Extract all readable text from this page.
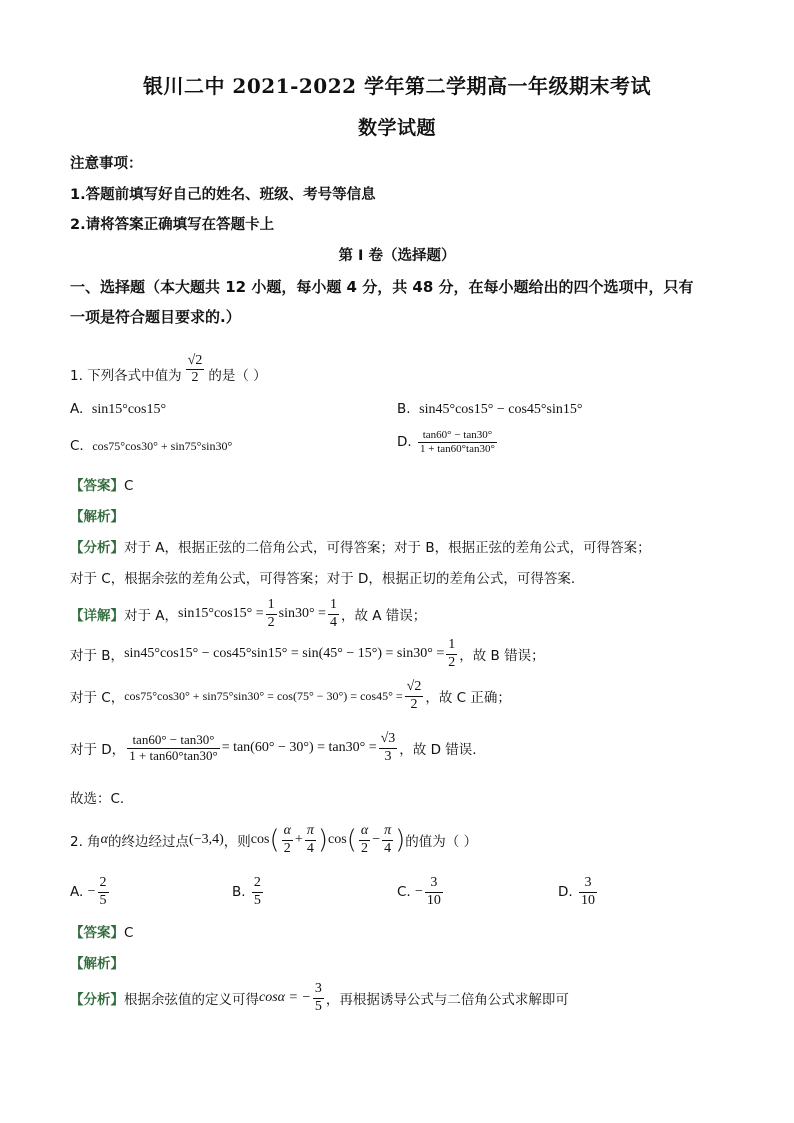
银川二中 2021-2022 学年第二学期高一年级期末考试
数学试题
注意事项：
1.答题前填写好自己的姓名、班级、考号等信息
2.请将答案正确填写在答题卡上
第 I 卷（选择题）
一、选择题（本大题共 12 小题，每小题 4 分，共 48 分，在每小题给出的四个选项中，只有
一项是符合题目要求的.）
1. 下列各式中值为 $\frac{√2}{2}$ 的是（ ）
A. sin15°cos15°	B. sin45°cos15° − cos45°sin15°
C. cos75°cos30° + sin75°sin30°	D.
$\frac{\tan 60^\circ - \tan 30^\circ}{1 + \tan 60^\circ\tan 30^\circ}$
【答案】C
【解析】
【分析】对于 A，根据正弦的二倍角公式，可得答案；对于 B，根据正弦的差角公式，可得答案；
对于 C，根据余弦的差角公式，可得答案；对于 D，根据正切的差角公式，可得答案.
【详解】 对于 A， $\sin 15^\circ\cos 15^\circ = \frac{1}{2} \sin 30^\circ = \frac{1}{4}$ ，故 A 错误；
对于 B， $\sin 45^\circ\cos 15^\circ - \cos 45^\circ\sin 15^\circ = \sin(45^\circ - 15^\circ) = \sin 30^\circ = \frac{1}{2}$ ，故 B 错误；
对于 C， $\cos 75^\circ\cos 30^\circ + \sin 75^\circ\sin 30^\circ = \cos(75^\circ - 30^\circ) = \cos 45^\circ = \frac{√2}{2}$ ，故 C 正确；
对于 D， $\frac{\tan 60^\circ - \tan 30^\circ}{1 + \tan 60^\circ\tan 30^\circ} = \tan(60^\circ - 30^\circ) = \tan 30^\circ = \frac{√3}{3}$ ，故 D 错误.
故选：C.
2. 角 α 的终边经过点 (−3,4) ，则 cos ( $\frac{\alpha}{2} + \frac{\pi}{4}$ ) cos ( $\frac{\alpha}{2} - \frac{\pi}{4}$ ) 的值为（ ）
A.
− $\frac{2}{5}$	B.
$\frac{2}{5}$	C.
− $\frac{3}{10}$	D.
$\frac{3}{10}$
【答案】C
【解析】
【分析】 根据余弦值的定义可得 cosα = − $\frac{3}{5}$ ，再根据诱导公式与二倍角公式求解即可
